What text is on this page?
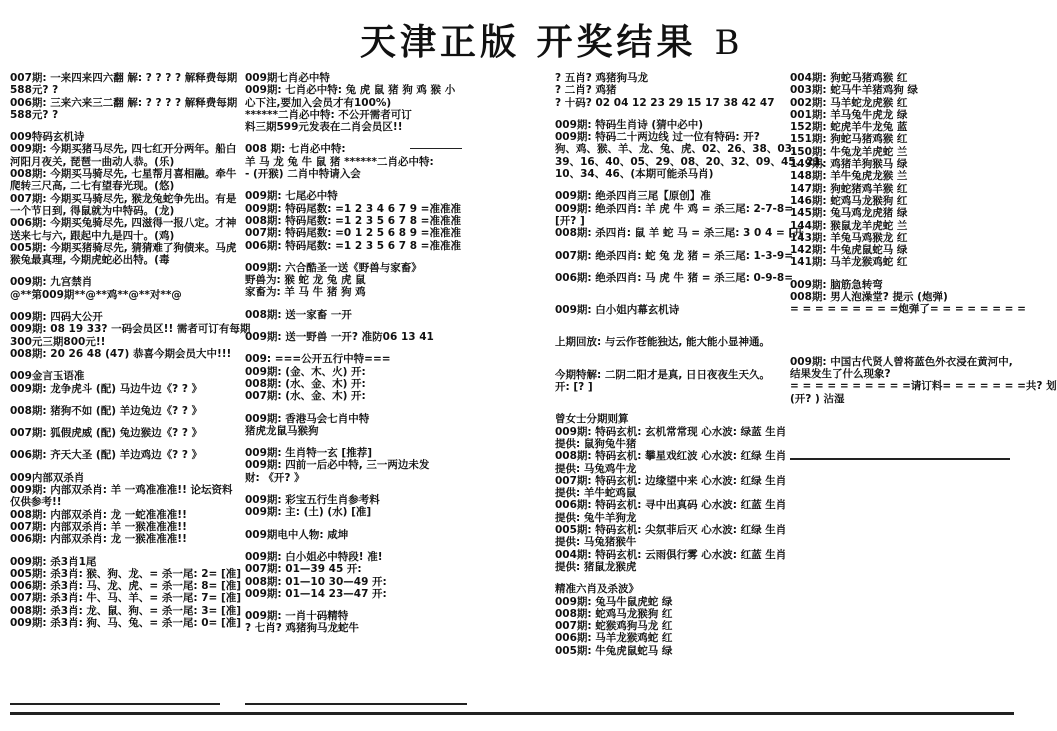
天津正版 开奖结果 B
007期: 一来四来四六翻 解: ? ? ? ? 解释费每期
588元? ?
006期: 三来六来三二翻 解: ? ? ? ? 解释费每期
588元? ?
009特码玄机诗
009期: 今期买猪马尽先, 四七红开分两年。船白
河阳月夜关, 琵琶一曲动人恭。(乐)
008期: 今期买马骑尽先, 七星帮月喜相融。牵牛
爬转三尺高, 二七有望春光现。(悠)
007期: 今期买马骑尽先, 猴龙兔蛇争先出。有是
一个节日到, 得鼠就为中特码。(龙)
006期: 今期买兔骑尽先, 四滋得一报八定。才神
送来七与六, 跟起中九是四十。(鸡)
005期: 今期买猪骑尽先, 猜猜难了狗债来。马虎
猴兔最真理, 今期虎蛇必出特。(毒
009期: 九宫禁肖
@**第009期**@**鸡**@**对**@
009期: 四码大公开
009期: 08 19 33? 一码会员区!! 需者可订有每期
300元三期800元!!
008期: 20 26 48 (47) 恭喜今期会员大中!!!
009金言玉语准
009期: 龙争虎斗 (配) 马边牛边《? ? 》
008期: 猪狗不如 (配) 羊边兔边《? ? 》
007期: 狐假虎威 (配) 兔边猴边《? ? 》
006期: 齐天大圣 (配) 羊边鸡边《? ? 》
009内部双杀肖
009期: 内部双杀肖: 羊 一鸡准准准!! 论坛资料
仅供参考!!
008期: 内部双杀肖: 龙 一蛇准准准!!
007期: 内部双杀肖: 羊 一猴准准准!!
006期: 内部双杀肖: 龙 一猴准准准!!
009期: 杀3肖1尾
005期: 杀3肖: 猴、狗、龙、= 杀一尾: 2= [准]
006期: 杀3肖: 马、龙、虎、= 杀一尾: 8= [准]
007期: 杀3肖: 牛、马、羊、= 杀一尾: 7= [准]
008期: 杀3肖: 龙、鼠、狗、= 杀一尾: 3= [准]
009期: 杀3肖: 狗、马、兔、= 杀一尾: 0= [准]
009期七肖必中特
009期: 七肖必中特: 兔 虎 鼠 猪 狗 鸡 猴 小
心下注,要加入会员才有100%)
******二肖必中特: 不公开需者可订
料三期599元发表在二肖会员区!!
008 期: 七肖必中特:
羊 马 龙 兔 牛 鼠 猪 ******二肖必中特:
- (开猴) 二肖中特请入会
009期: 七尾必中特
009期: 特码尾数: =1 2 3 4 6 7 9 =准准准
008期: 特码尾数: =1 2 3 5 6 7 8 =准准准
007期: 特码尾数: =0 1 2 5 6 8 9 =准准准
006期: 特码尾数: =1 2 3 5 6 7 8 =准准准
009期: 六合酷圣一送《野兽与家畜》
野兽为: 猴 蛇 龙 兔 虎 鼠
家畜为: 羊 马 牛 猪 狗 鸡
008期: 送一家畜 一开
009期: 送一野兽 一开? 准防06 13 41
009: ===公开五行中特===
009期: (金、木、火) 开:
008期: (水、金、木) 开:
007期: (水、金、木) 开:
009期: 香港马会七肖中特
猪虎龙鼠马猴狗
009期: 生肖特一玄 [推荐]
009期: 四前一后必中特, 三一两边未发
财: 《开? 》
009期: 彩宝五行生肖参考料
009期: 主: (土) (水) [准]
009期电中人物: 咸坤
009期: 白小姐必中特段! 准!
007期: 01—39 45 开:
008期: 01—10 30—49 开:
009期: 01—14 23—47 开:
009期: 一肖十码精特
? 七肖? 鸡猪狗马龙蛇牛
? 五肖? 鸡猪狗马龙
? 二肖? 鸡猪
? 十码? 02 04 12 23 29 15 17 38 42 47
009期: 特码生肖诗 (猜中必中)
009期: 特码二十两边线 过一位有特码: 开?
狗、鸡、猴、羊、龙、兔、虎、02、26、38、03、
39、16、40、05、29、08、20、32、09、45、21、
10、34、46、(本期可能杀马肖)
009期: 绝杀四肖三尾【原创】准
009期: 绝杀四肖: 羊 虎 牛 鸡 = 杀三尾: 2-7-8=
[开? ]
008期: 杀四肖: 鼠 羊 蛇 马 = 杀三尾: 3 0 4 = [开
007期: 绝杀四肖: 蛇 兔 龙 猪 = 杀三尾: 1-3-9=
006期: 绝杀四肖: 马 虎 牛 猪 = 杀三尾: 0-9-8=
009期: 白小姐内幕玄机诗
上期回放: 与云作苍能独达, 能大能小显神通。
今期特解: 二阴二阳才是真, 日日夜夜生天久。
开: [? ]
曾女士分期则算
009期: 特码玄机: 玄机常常现 心水波: 绿蓝 生肖
提供: 鼠狗兔牛猪
008期: 特码玄机: 攀星戏红波 心水波: 红绿 生肖
提供: 马兔鸡牛龙
007期: 特码玄机: 边缘望中来 心水波: 红绿 生肖
提供: 羊牛蛇鸡鼠
006期: 特码玄机: 寻中出真码 心水波: 红蓝 生肖
提供: 兔牛羊狗龙
005期: 特码玄机: 尖氛菲后灭 心水波: 红绿 生肖
提供: 马兔猪猴牛
004期: 特码玄机: 云雨俱行雾 心水波: 红蓝 生肖
提供: 猪鼠龙猴虎
精准六肖及杀波》
009期: 兔马牛鼠虎蛇 绿
008期: 蛇鸡马龙猴狗 红
007期: 蛇猴鸡狗马龙 红
006期: 马羊龙猴鸡蛇 红
005期: 牛兔虎鼠蛇马 绿
004期: 狗蛇马猪鸡猴 红
003期: 蛇马牛羊猪鸡狗 绿
002期: 马羊蛇龙虎猴 红
001期: 羊马兔牛虎龙 绿
152期: 蛇虎羊牛龙兔 蓝
151期: 狗蛇马猪鸡猴 红
150期: 牛兔龙羊虎蛇 兰
149期: 鸡猪羊狗猴马 绿
148期: 羊牛兔虎龙猴 兰
147期: 狗蛇猪鸡羊猴 红
146期: 蛇鸡马龙猴狗 红
145期: 兔马鸡龙虎猪 绿
144期: 猴鼠龙羊虎蛇 兰
143期: 羊兔马鸡猴龙 红
142期: 牛兔虎鼠蛇马 绿
141期: 马羊龙猴鸡蛇 红
009期: 脑筋急转弯
008期: 男人泡澡堂? 提示 (炮弹)
= = = = = = = = =炮弹了= = = = = = = =
009期: 中国古代贤人曾将蓝色外衣浸在黄河中,
结果发生了什么现象?
= = = = = = = = = =请订料= = = = = = =共? 划
(开? ) 沾湿
